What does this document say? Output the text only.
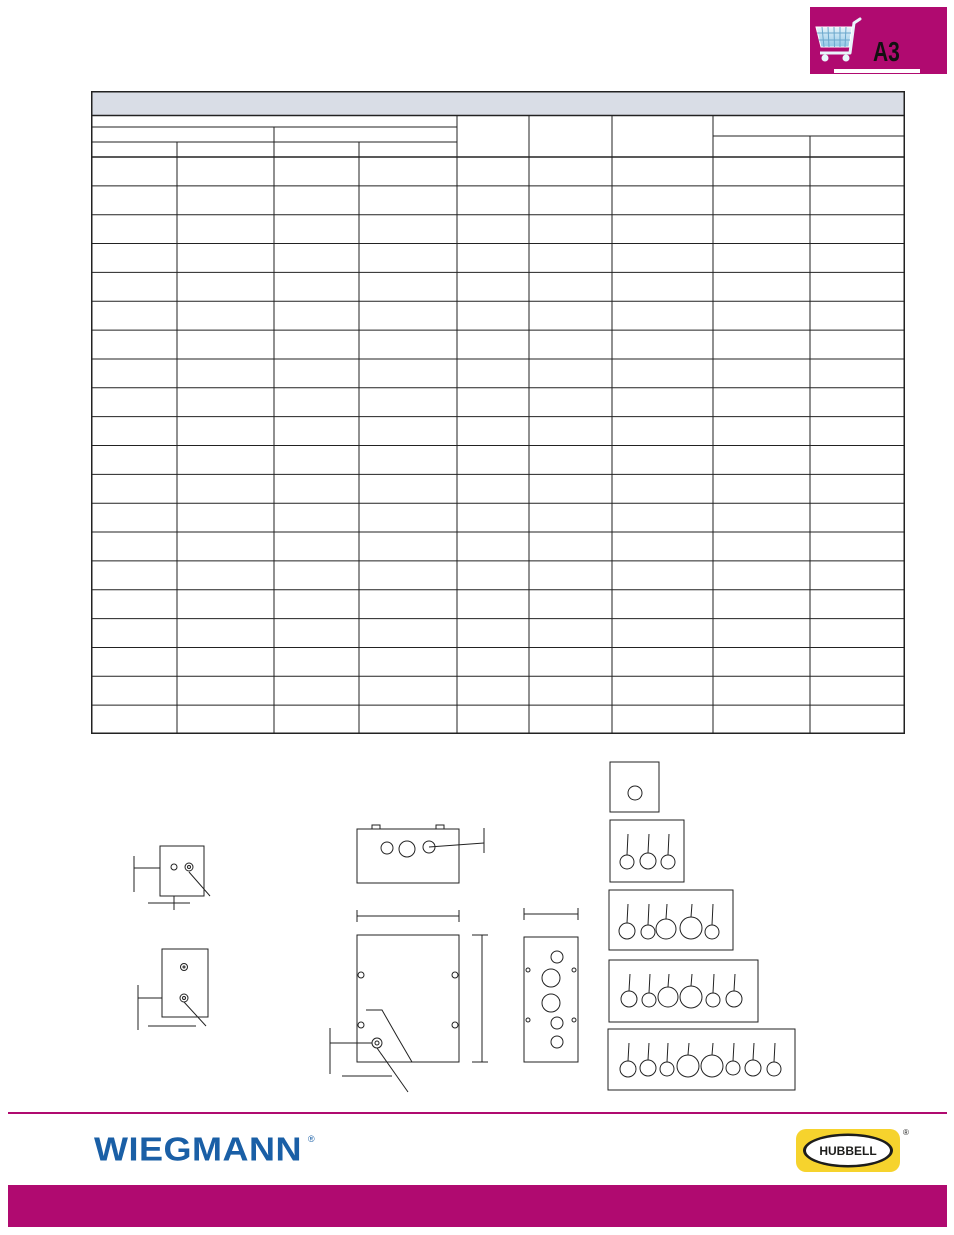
A3
WIEGMANN ®
HUBBELL
®
